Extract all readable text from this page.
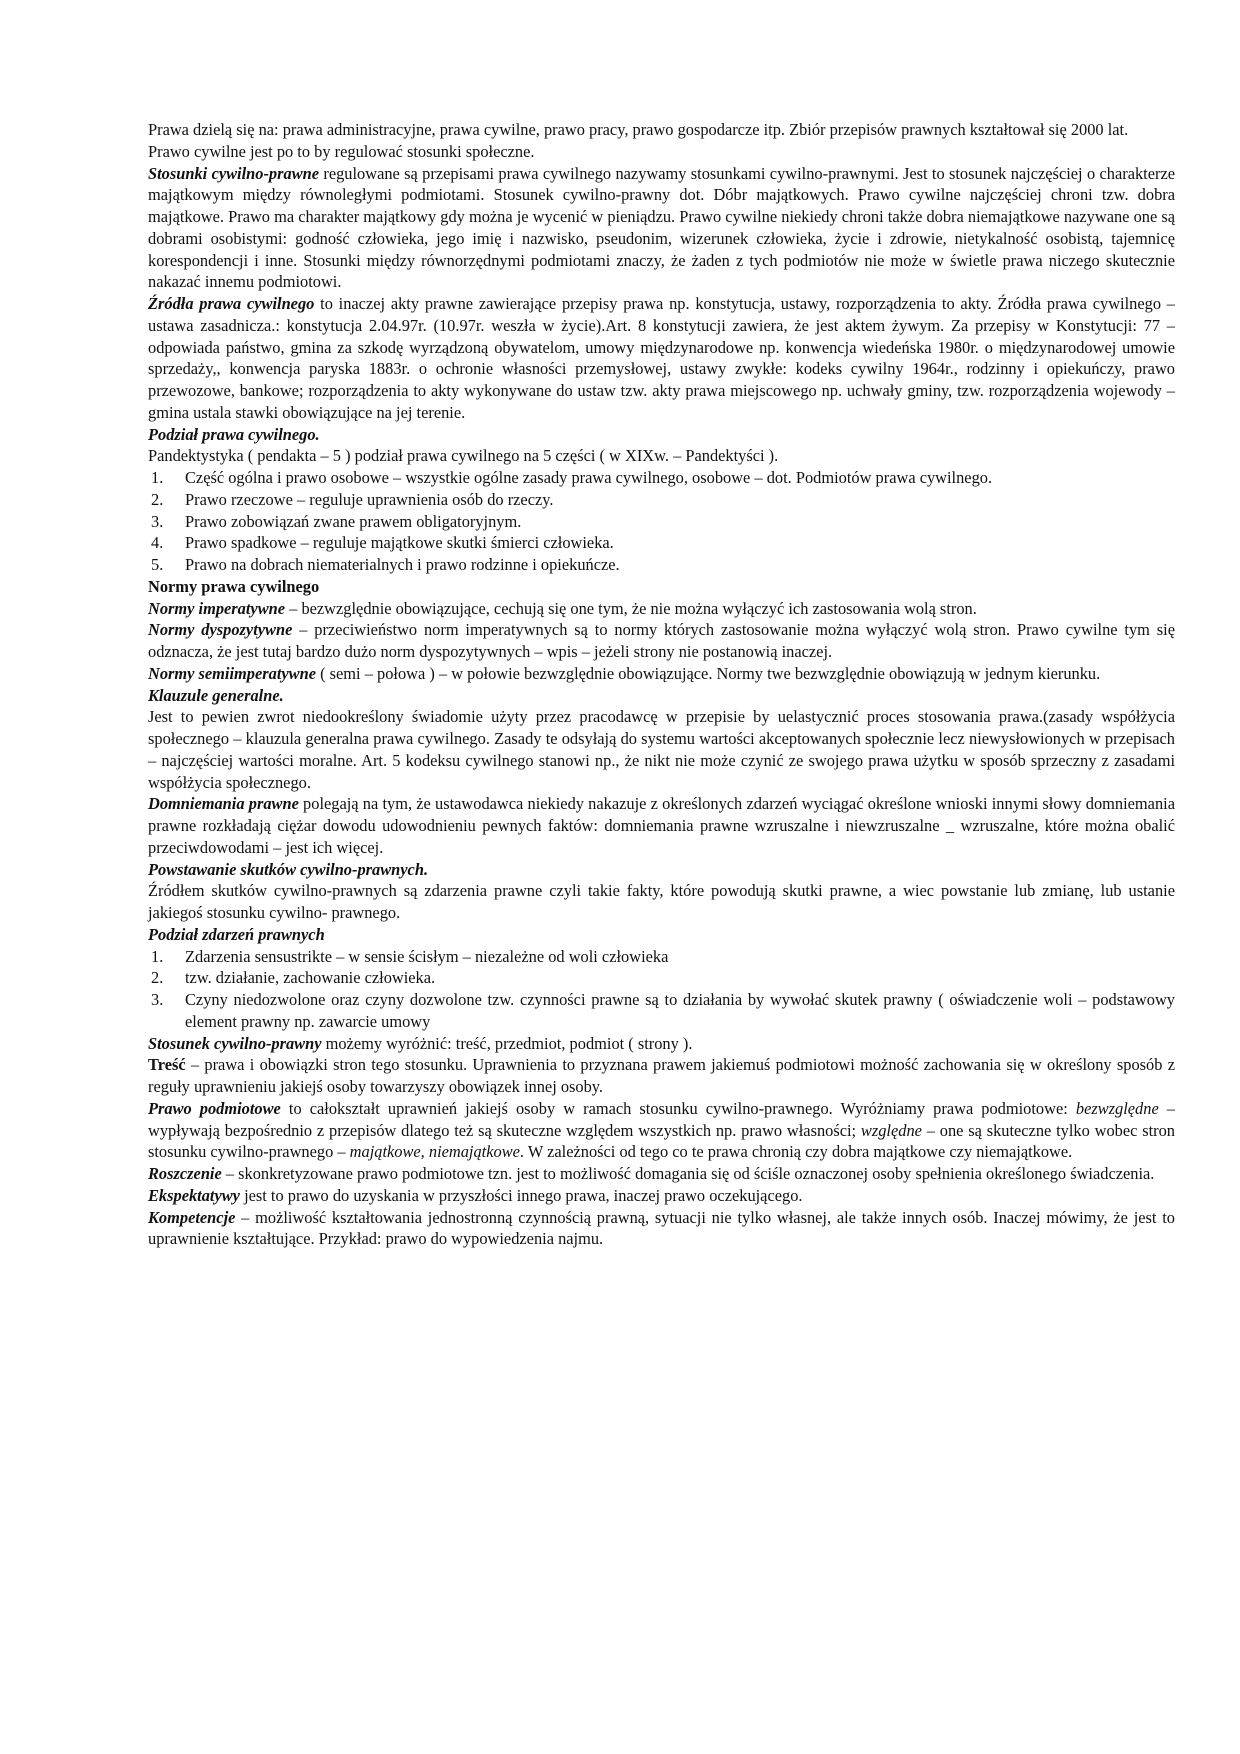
Prawa dzielą się na: prawa administracyjne, prawa cywilne, prawo pracy, prawo gospodarcze itp. Zbiór przepisów prawnych kształtował się 2000 lat.

Prawo cywilne jest po to by regulować stosunki społeczne.

Stosunki cywilno-prawne regulowane są przepisami prawa cywilnego nazywamy stosunkami cywilno-prawnymi. Jest to stosunek najczęściej o charakterze majątkowym między równoległymi podmiotami. Stosunek cywilno-prawny dot. Dóbr majątkowych. Prawo cywilne najczęściej chroni tzw. dobra majątkowe. Prawo ma charakter majątkowy gdy można je wycenić w pieniądzu. Prawo cywilne niekiedy chroni także dobra niemajątkowe nazywane one są dobrami osobistymi: godność człowieka, jego imię i nazwisko, pseudonim, wizerunek człowieka, życie i zdrowie, nietykalność osobistą, tajemnicę korespondencji i inne. Stosunki między równorzędnymi podmiotami znaczy, że żaden z tych podmiotów nie może w świetle prawa niczego skutecznie nakazać innemu podmiotowi.

Źródła prawa cywilnego to inaczej akty prawne zawierające przepisy prawa np. konstytucja, ustawy, rozporządzenia to akty. Źródła prawa cywilnego – ustawa zasadnicza.: konstytucja 2.04.97r. (10.97r. weszła w życie).Art. 8 konstytucji zawiera, że jest aktem żywym. Za przepisy w Konstytucji: 77 – odpowiada państwo, gmina za szkodę wyrządzoną obywatelom, umowy międzynarodowe np. konwencja wiedeńska 1980r. o międzynarodowej umowie sprzedaży,, konwencja paryska 1883r. o ochronie własności przemysłowej, ustawy zwykłe: kodeks cywilny 1964r., rodzinny i opiekuńczy, prawo przewozowe, bankowe; rozporządzenia to akty wykonywane do ustaw tzw. akty prawa miejscowego np. uchwały gminy, tzw. rozporządzenia wojewody – gmina ustala stawki obowiązujące na jej terenie.

Podział prawa cywilnego.

Pandektystyka ( pendakta – 5 ) podział prawa cywilnego na 5 części ( w XIXw. – Pandektyści ).

1. Część ogólna i prawo osobowe – wszystkie ogólne zasady prawa cywilnego, osobowe – dot. Podmiotów prawa cywilnego.
2. Prawo rzeczowe – reguluje uprawnienia osób do rzeczy.
3. Prawo zobowiązań zwane prawem obligatoryjnym.
4. Prawo spadkowe – reguluje majątkowe skutki śmierci człowieka.
5. Prawo na dobrach niematerialnych i prawo rodzinne i opiekuńcze.

Normy prawa cywilnego

Normy imperatywne – bezwzględnie obowiązujące, cechują się one tym, że nie można wyłączyć ich zastosowania wolą stron.

Normy dyspozytywne – przeciwieństwo norm imperatywnych są to normy których zastosowanie można wyłączyć wolą stron. Prawo cywilne tym się odznacza, że jest tutaj bardzo dużo norm dyspozytywnych – wpis – jeżeli strony nie postanowią inaczej.

Normy semiimperatywne ( semi – połowa ) – w połowie bezwzględnie obowiązujące. Normy twe bezwzględnie obowiązują w jednym kierunku.

Klauzule generalne.

Jest to pewien zwrot niedookreślony świadomie użyty przez pracodawcę w przepisie by uelastycznić proces stosowania prawa.(zasady współżycia społecznego – klauzula generalna prawa cywilnego. Zasady te odsyłają do systemu wartości akceptowanych społecznie lecz niewysłowionych w przepisach – najczęściej wartości moralne. Art. 5 kodeksu cywilnego stanowi np., że nikt nie może czynić ze swojego prawa użytku w sposób sprzeczny z zasadami współżycia społecznego.

Domniemania prawne polegają na tym, że ustawodawca niekiedy nakazuje z określonych zdarzeń wyciągać określone wnioski innymi słowy domniemania prawne rozkładają ciężar dowodu udowodnieniu pewnych faktów: domniemania prawne wzruszalne i niewzruszalne _ wzruszalne, które można obalić przeciwdowodami – jest ich więcej.

Powstawanie skutków cywilno-prawnych.

Źródłem skutków cywilno-prawnych są zdarzenia prawne czyli takie fakty, które powodują skutki prawne, a wiec powstanie lub zmianę, lub ustanie jakiegoś stosunku cywilno- prawnego.

Podział zdarzeń prawnych

1. Zdarzenia sensustrikte – w sensie ścisłym – niezależne od woli człowieka
2. tzw. działanie, zachowanie człowieka.
3. Czyny niedozwolone oraz czyny dozwolone tzw. czynności prawne są to działania by wywołać skutek prawny ( oświadczenie woli – podstawowy element prawny np. zawarcie umowy

Stosunek cywilno-prawny możemy wyróżnić: treść, przedmiot, podmiot ( strony ).

Treść – prawa i obowiązki stron tego stosunku. Uprawnienia to przyznana prawem jakiemuś podmiotowi możność zachowania się w określony sposób z reguły uprawnieniu jakiejś osoby towarzyszy obowiązek innej osoby.

Prawo podmiotowe to całokształt uprawnień jakiejś osoby w ramach stosunku cywilno-prawnego. Wyróżniamy prawa podmiotowe: bezwzględne – wypływają bezpośrednio z przepisów dlatego też są skuteczne względem wszystkich np. prawo własności; względne – one są skuteczne tylko wobec stron stosunku cywilno-prawnego – majątkowe, niemajątkowe. W zależności od tego co te prawa chronią czy dobra majątkowe czy niemajątkowe.

Roszczenie – skonkretyzowane prawo podmiotowe tzn. jest to możliwość domagania się od ściśle oznaczonej osoby spełnienia określonego świadczenia.

Ekspektatywy jest to prawo do uzyskania w przyszłości innego prawa, inaczej prawo oczekującego.

Kompetencje – możliwość kształtowania jednostronną czynnością prawną, sytuacji nie tylko własnej, ale także innych osób. Inaczej mówimy, że jest to uprawnienie kształtujące. Przykład: prawo do wypowiedzenia najmu.
